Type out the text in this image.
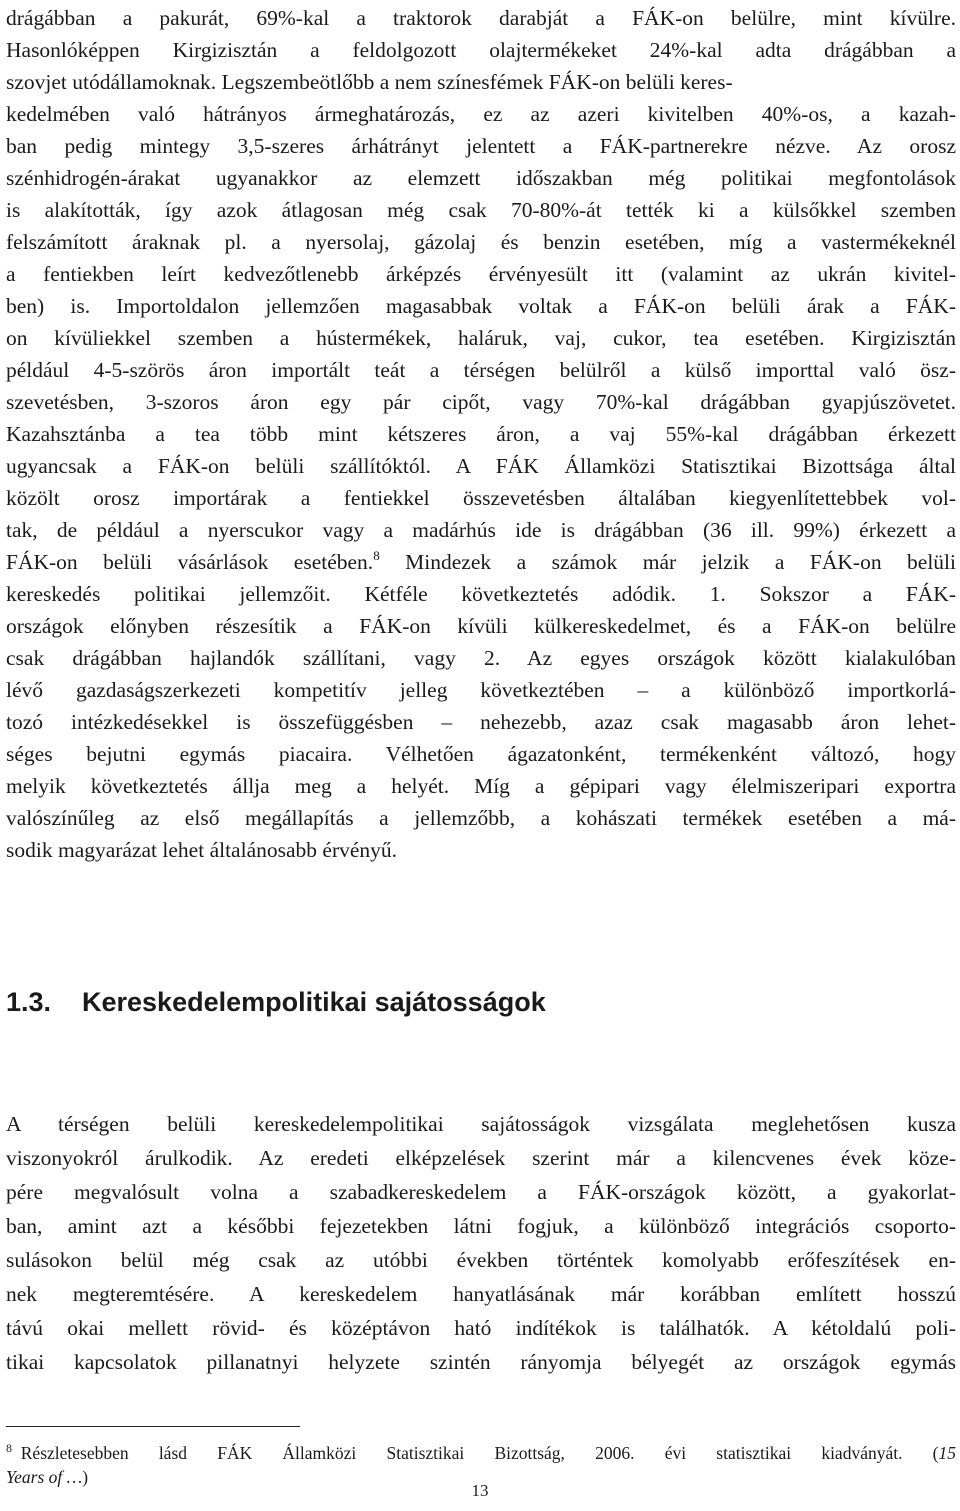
drágábban a pakurát, 69%-kal a traktorok darabját a FÁK-on belülre, mint kívülre.

Hasonlóképpen Kirgizisztán a feldolgozott olajtermékeket 24%-kal adta drágábban a

szovjet utódállamoknak. Legszembeötlőbb a nem színesfémek FÁK-on belüli keres-

kedelmében való hátrányos ármeghatározás, ez az azeri kivitelben 40%-os, a kazah-

ban pedig mintegy 3,5-szeres árhátrányt jelentett a FÁK-partnerekre nézve. Az orosz

szénhidrogén-árakat ugyanakkor az elemzett időszakban még politikai megfontolások

is alakították, így azok átlagosan még csak 70-80%-át tették ki a külsőkkel szemben

felszámított áraknak pl. a nyersolaj, gázolaj és benzin esetében, míg a vastermékeknél

a fentiekben leírt kedvezőtlenebb árképzés érvényesült itt (valamint az ukrán kivitel-

ben) is. Importoldalon jellemzően magasabbak voltak a FÁK-on belüli árak a FÁK-

on kívüliekkel szemben a hústermékek, haláruk, vaj, cukor, tea esetében. Kirgizisztán

például 4-5-szörös áron importált teát a térségen belülről a külső importtal való ösz-

szevetésben, 3-szoros áron egy pár cipőt, vagy 70%-kal drágábban gyapjúszövetet.

Kazahsztánba a tea több mint kétszeres áron, a vaj 55%-kal drágábban érkezett

ugyancsak a FÁK-on belüli szállítóktól. A FÁK Államközi Statisztikai Bizottsága által

közölt orosz importárak a fentiekkel összevetésben általában kiegyenlítettebbek vol-

tak, de például a nyerscukor vagy a madárhús ide is drágábban (36 ill. 99%) érkezett a

FÁK-on belüli vásárlások esetében.$^8$ Mindezek a számok már jelzik a FÁK-on belüli

kereskedés politikai jellemzőit. Kétféle következtetés adódik. 1. Sokszor a FÁK-

országok előnyben részesítik a FÁK-on kívüli külkereskedelmet, és a FÁK-on belülre

csak drágábban hajlandók szállítani, vagy 2. Az egyes országok között kialakulóban

lévő gazdaságszerkezeti kompetitív jelleg következtében – a különböző importkorlá-

tozó intézkedésekkel is összefüggésben – nehezebb, azaz csak magasabb áron lehet-

séges bejutni egymás piacaira. Vélhetően ágazatonként, termékenként változó, hogy

melyik következtetés állja meg a helyét. Míg a gépipari vagy élelmiszeripari exportra

valószínűleg az első megállapítás a jellemzőbb, a kohászati termékek esetében a má-

sodik magyarázat lehet általánosabb érvényű.

1.3. Kereskedelempolitikai sajátosságok

A térségen belüli kereskedelempolitikai sajátosságok vizsgálata meglehetősen kusza

viszonyokról árulkodik. Az eredeti elképzelések szerint már a kilencvenes évek köze-

pére megvalósult volna a szabadkereskedelem a FÁK-országok között, a gyakorlat-

ban, amint azt a későbbi fejezetekben látni fogjuk, a különböző integrációs csoporto-

sulásokon belül még csak az utóbbi években történtek komolyabb erőfeszítések en-

nek megteremtésére. A kereskedelem hanyatlásának már korábban említett hosszú

távú okai mellett rövid- és középtávon ható indítékok is találhatók. A kétoldalú poli-

tikai kapcsolatok pillanatnyi helyzete szintén rányomja bélyegét az országok egymás

$^8$  Részletesebben lásd FÁK Államközi Statisztikai Bizottság, 2006. évi statisztikai kiadványát. (15

Years of …)

13
